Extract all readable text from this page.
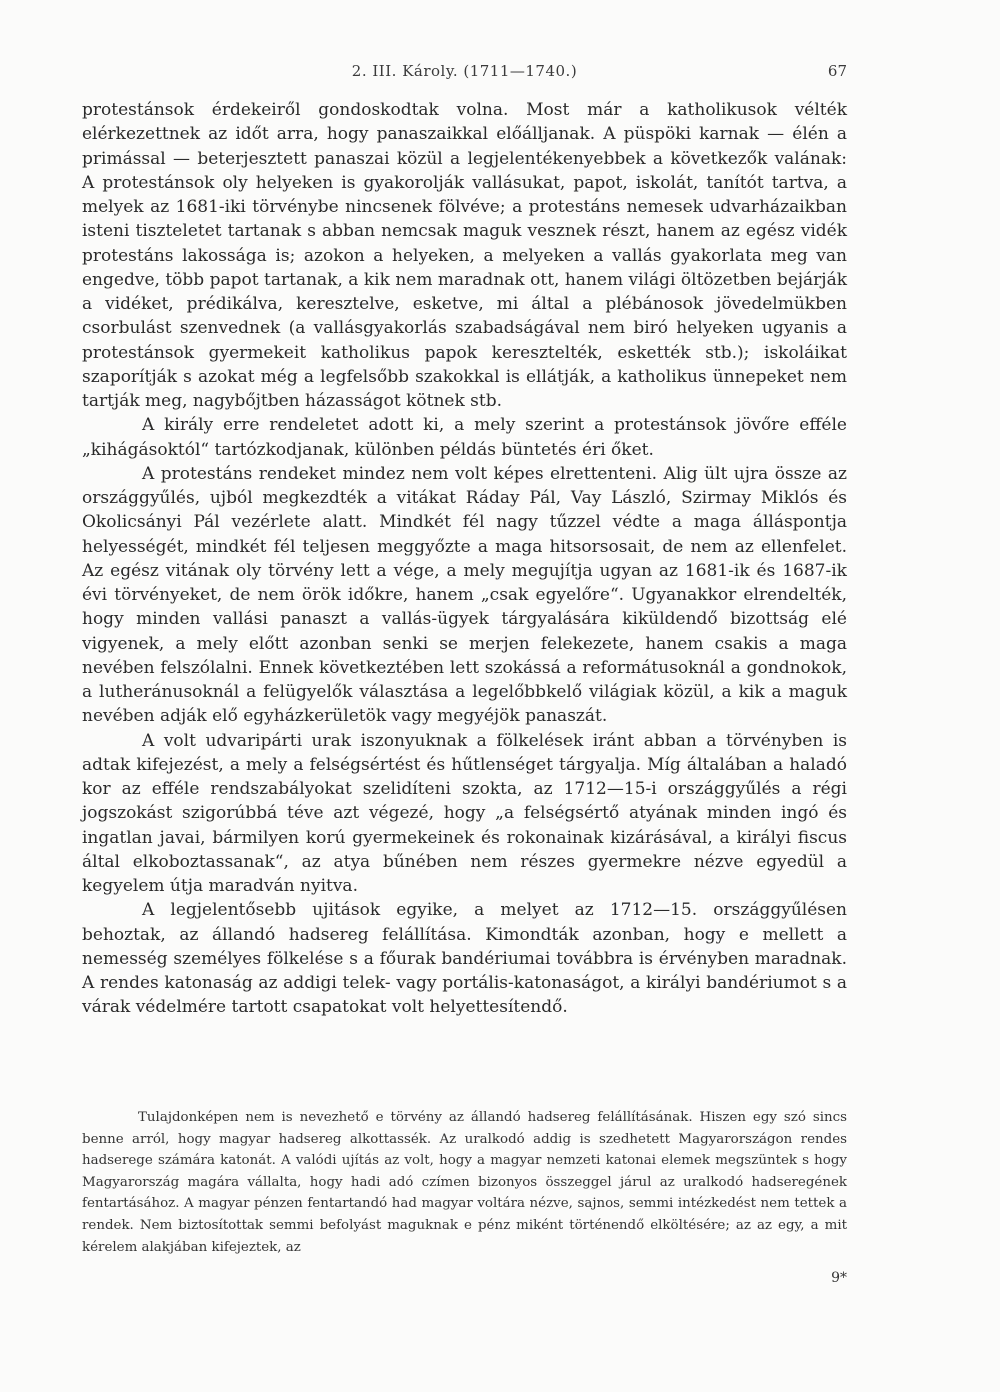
2. III. Károly. (1711—1740.)	67

protestánsok érdekeiről gondoskodtak volna. Most már a katholikusok vélték elérkezettnek az időt arra, hogy panaszaikkal előálljanak. A püspöki karnak — élén a primással — beterjesztett panaszai közül a legjelentékenyebbek a következők valának: A protestánsok oly helyeken is gyakorolják vallásukat, papot, iskolát, tanítót tartva, a melyek az 1681-iki törvénybe nincsenek fölvéve; a protestáns nemesek udvarházaikban isteni tiszteletet tartanak s abban nemcsak maguk vesznek részt, hanem az egész vidék protestáns lakossága is; azokon a helyeken, a melyeken a vallás gyakorlata meg van engedve, több papot tartanak, a kik nem maradnak ott, hanem világi öltözetben bejárják a vidéket, prédikálva, keresztelve, esketve, mi által a plébánosok jövedelmükben csorbulást szenvednek (a vallásgyakorlás szabadságával nem biró helyeken ugyanis a protestánsok gyermekeit katholikus papok keresztelték, eskették stb.); iskoláikat szaporítják s azokat még a legfelsőbb szakokkal is ellátják, a katholikus ünnepeket nem tartják meg, nagybőjtben házasságot kötnek stb.

A király erre rendeletet adott ki, a mely szerint a protestánsok jövőre efféle „kihágásoktól“ tartózkodjanak, különben példás büntetés éri őket.

A protestáns rendeket mindez nem volt képes elrettenteni. Alig ült ujra össze az országgyűlés, ujból megkezdték a vitákat Ráday Pál, Vay László, Szirmay Miklós és Okolicsányi Pál vezérlete alatt. Mindkét fél nagy tűzzel védte a maga álláspontja helyességét, mindkét fél teljesen meggyőzte a maga hitsorsosait, de nem az ellenfelet. Az egész vitának oly törvény lett a vége, a mely megujítja ugyan az 1681-ik és 1687-ik évi törvényeket, de nem örök időkre, hanem „csak egyelőre“. Ugyanakkor elrendelték, hogy minden vallási panaszt a vallás-ügyek tárgyalására kiküldendő bizottság elé vigyenek, a mely előtt azonban senki se merjen felekezete, hanem csakis a maga nevében felszólalni. Ennek következtében lett szokássá a reformátusoknál a gondnokok, a lutheránusoknál a felügyelők választása a legelőbbkelő világiak közül, a kik a maguk nevében adják elő egyházkerületök vagy megyéjök panaszát.

A volt udvaripárti urak iszonyuknak a fölkelések iránt abban a törvényben is adtak kifejezést, a mely a felségsértést és hűtlenséget tárgyalja. Míg általában a haladó kor az efféle rendszabályokat szelidíteni szokta, az 1712—15-i országgyűlés a régi jogszokást szigorúbbá téve azt végezé, hogy „a felségsértő atyának minden ingó és ingatlan javai, bármilyen korú gyermekeinek és rokonainak kizárásával, a királyi fiscus által elkoboztassanak“, az atya bűnében nem részes gyermekre nézve egyedül a kegyelem útja maradván nyitva.

A legjelentősebb ujitások egyike, a melyet az 1712—15. országgyűlésen behoztak, az állandó hadsereg felállítása. Kimondták azonban, hogy e mellett a nemesség személyes fölkelése s a főurak bandériumai továbbra is érvényben maradnak. A rendes katonaság az addigi telek- vagy portális-katonaságot, a királyi bandériumot s a várak védelmére tartott csapatokat volt helyettesítendő.

Tulajdonképen nem is nevezhető e törvény az állandó hadsereg felállításának. Hiszen egy szó sincs benne arról, hogy magyar hadsereg alkottassék. Az uralkodó addig is szedhetett Magyarországon rendes hadserege számára katonát. A valódi ujítás az volt, hogy a magyar nemzeti katonai elemek megszüntek s hogy Magyarország magára vállalta, hogy hadi adó czímen bizonyos összeggel járul az uralkodó hadseregének fentartásához. A magyar pénzen fentartandó had magyar voltára nézve, sajnos, semmi intézkedést nem tettek a rendek. Nem biztosítottak semmi befolyást maguknak e pénz miként történendő elköltésére; az az egy, a mit kérelem alakjában kifejeztek, az

9*
